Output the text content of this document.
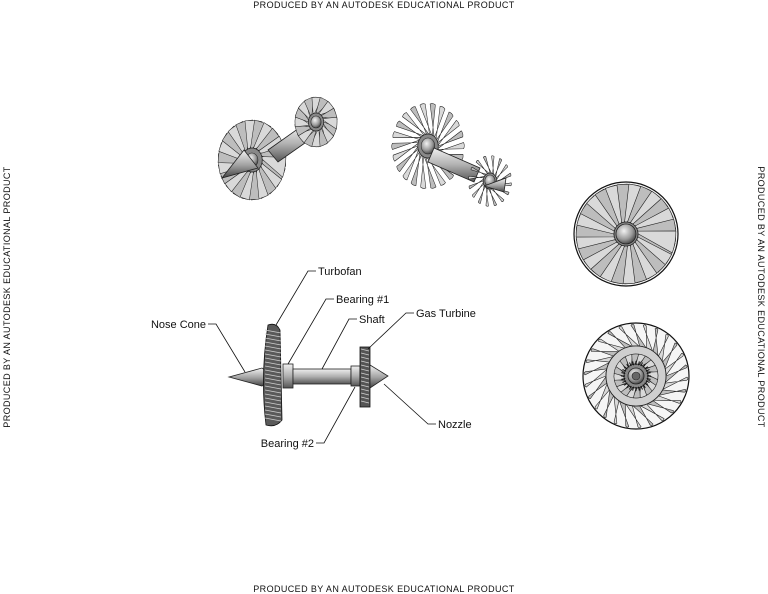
PRODUCED BY AN AUTODESK EDUCATIONAL PRODUCT
PRODUCED BY AN AUTODESK EDUCATIONAL PRODUCT
PRODUCED BY AN AUTODESK EDUCATIONAL PRODUCT	PRODUCED BY AN AUTODESK EDUCATIONAL PRODUCT
Turbofan
Bearing #1
Shaft	Gas Turbine
Nose Cone
Bearing #2
Nozzle
